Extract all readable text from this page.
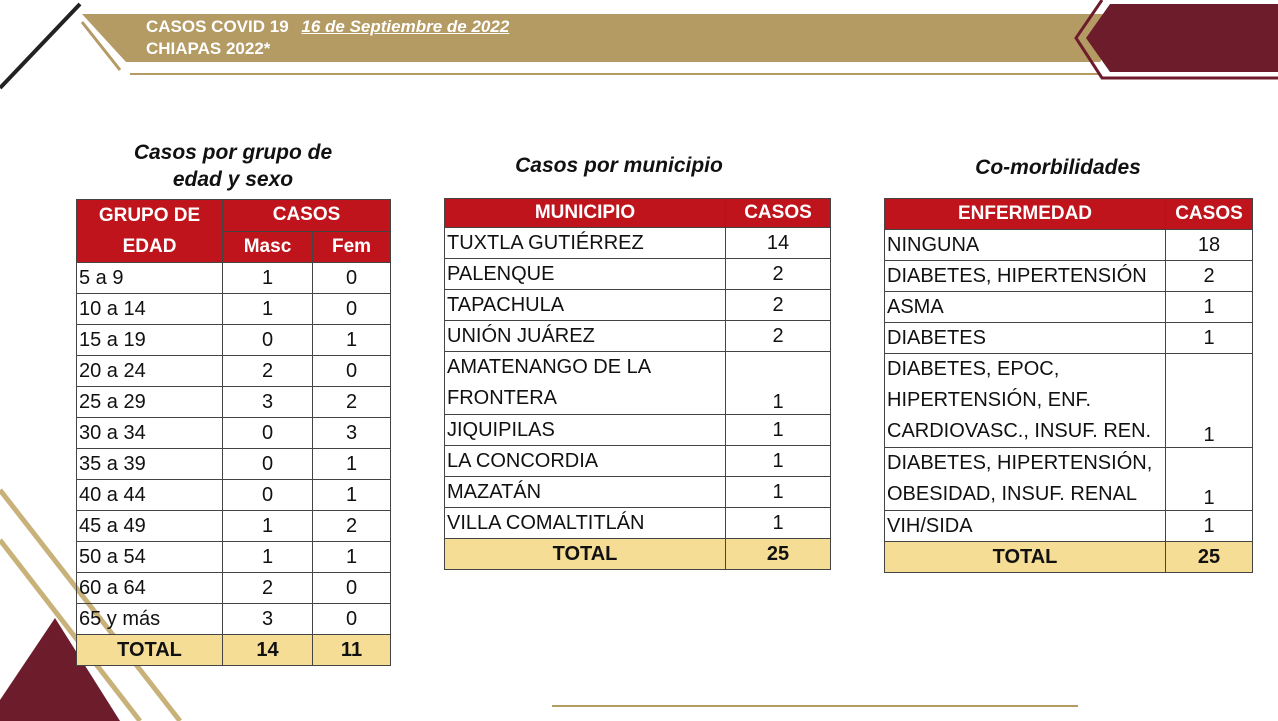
CASOS COVID 19 16 de Septiembre de 2022
CHIAPAS 2022*
Casos por grupo de
edad y sexo
GRUPO DE
EDAD	CASOS	
	Masc	Fem
5 a 9	1	0
10 a 14	1	0
15 a 19	0	1
20 a 24	2	0
25 a 29	3	2
30 a 34	0	3
35 a 39	0	1
40 a 44	0	1
45 a 49	1	2
50 a 54	1	1
60 a 64	2	0
65 y más	3	0
TOTAL	14	11
Casos por municipio
MUNICIPIO	CASOS
TUXTLA GUTIÉRREZ	14
PALENQUE	2
TAPACHULA	2
UNIÓN JUÁREZ	2

AMATENANGO DE LA
FRONTERA	1
JIQUIPILAS	1
LA CONCORDIA	1
MAZATÁN	1
VILLA COMALTITLÁN	1
TOTAL	25
Co-morbilidades
ENFERMEDAD	CASOS
NINGUNA	18
DIABETES, HIPERTENSIÓN	2
ASMA	1
DIABETES	1

DIABETES, EPOC,
HIPERTENSIÓN, ENF.
CARDIOVASC., INSUF. REN.	1

DIABETES, HIPERTENSIÓN,
OBESIDAD, INSUF. RENAL	1
VIH/SIDA	1
TOTAL	25
